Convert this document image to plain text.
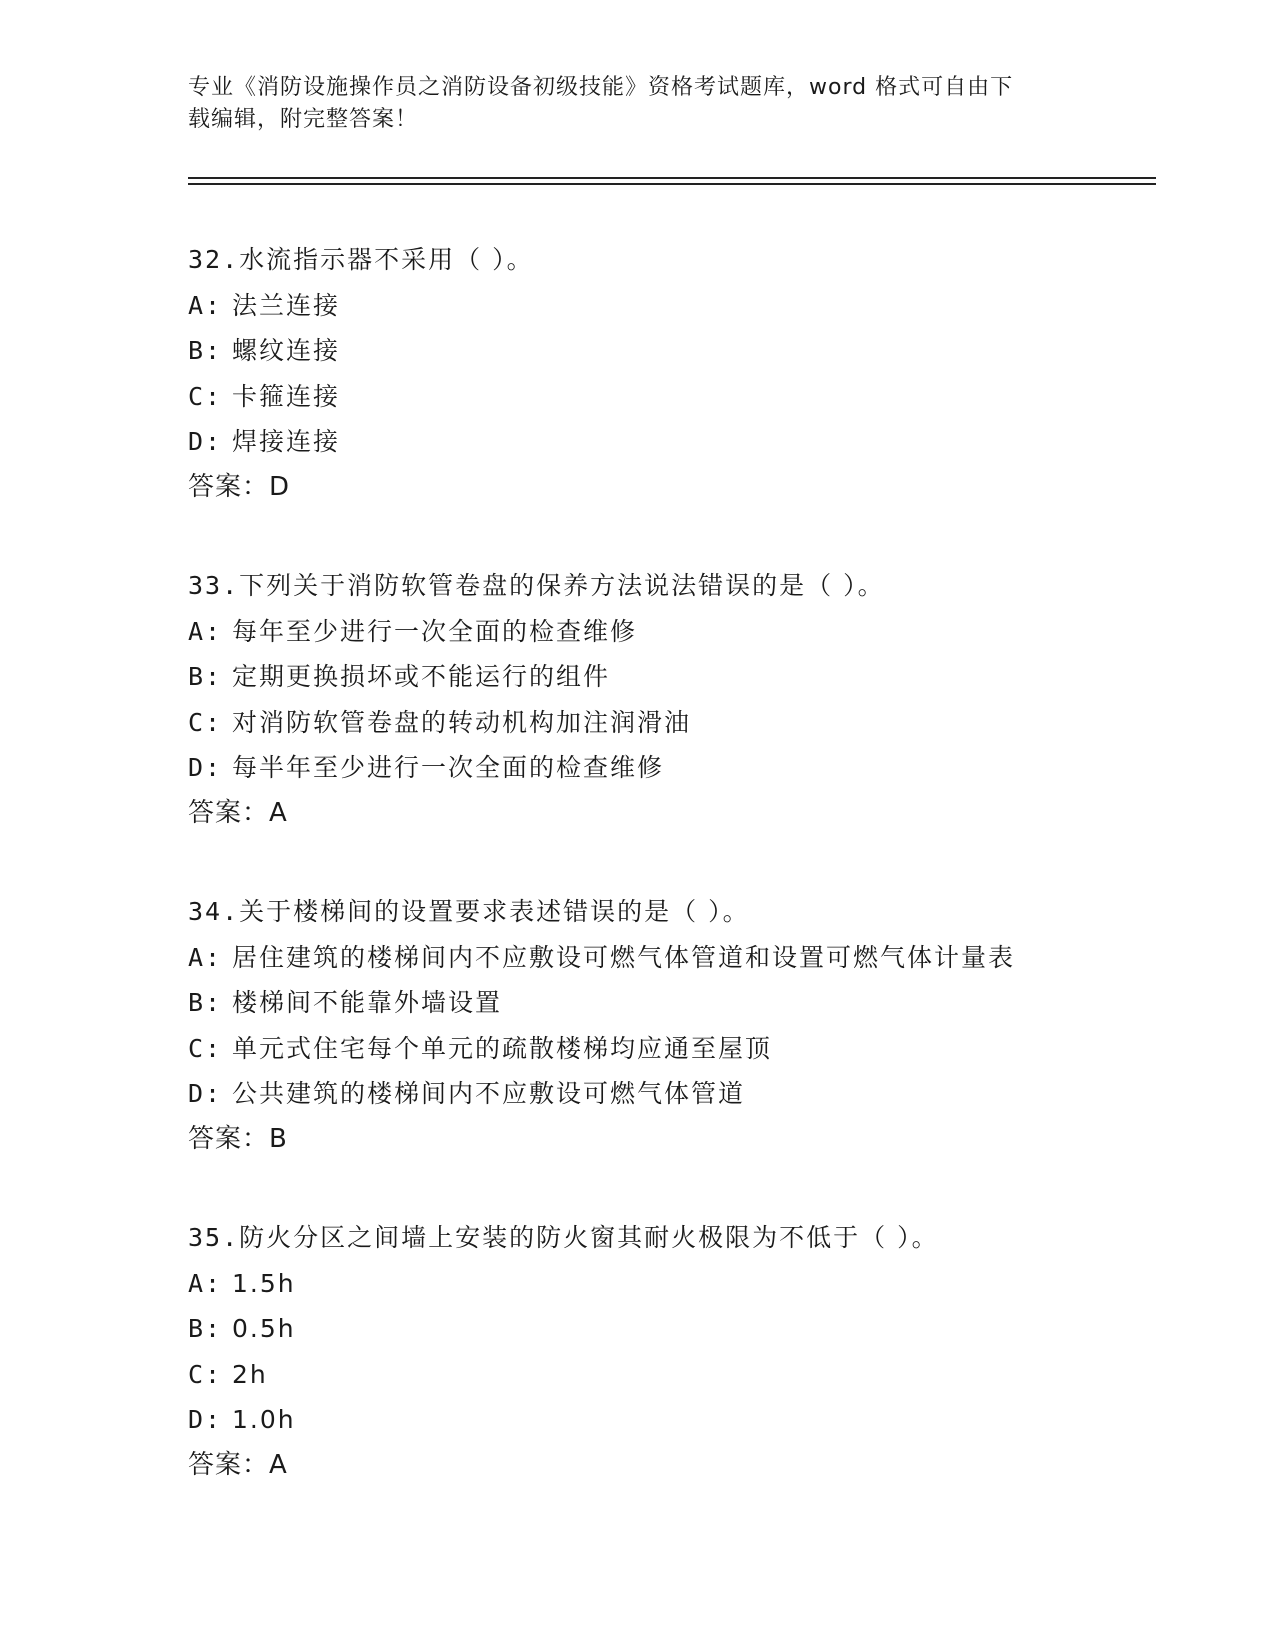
专业《消防设施操作员之消防设备初级技能》资格考试题库，word 格式可自由下
载编辑，附完整答案！
32.水流指示器不采用（ ）。
A: 法兰连接
B: 螺纹连接
C: 卡箍连接
D: 焊接连接
答案：D
33.下列关于消防软管卷盘的保养方法说法错误的是（ ）。
A: 每年至少进行一次全面的检查维修
B: 定期更换损坏或不能运行的组件
C: 对消防软管卷盘的转动机构加注润滑油
D: 每半年至少进行一次全面的检查维修
答案：A
34.关于楼梯间的设置要求表述错误的是（ ）。
A: 居住建筑的楼梯间内不应敷设可燃气体管道和设置可燃气体计量表
B: 楼梯间不能靠外墙设置
C: 单元式住宅每个单元的疏散楼梯均应通至屋顶
D: 公共建筑的楼梯间内不应敷设可燃气体管道
答案：B
35.防火分区之间墙上安装的防火窗其耐火极限为不低于（ ）。
A: 1.5h
B: 0.5h
C: 2h
D: 1.0h
答案：A
